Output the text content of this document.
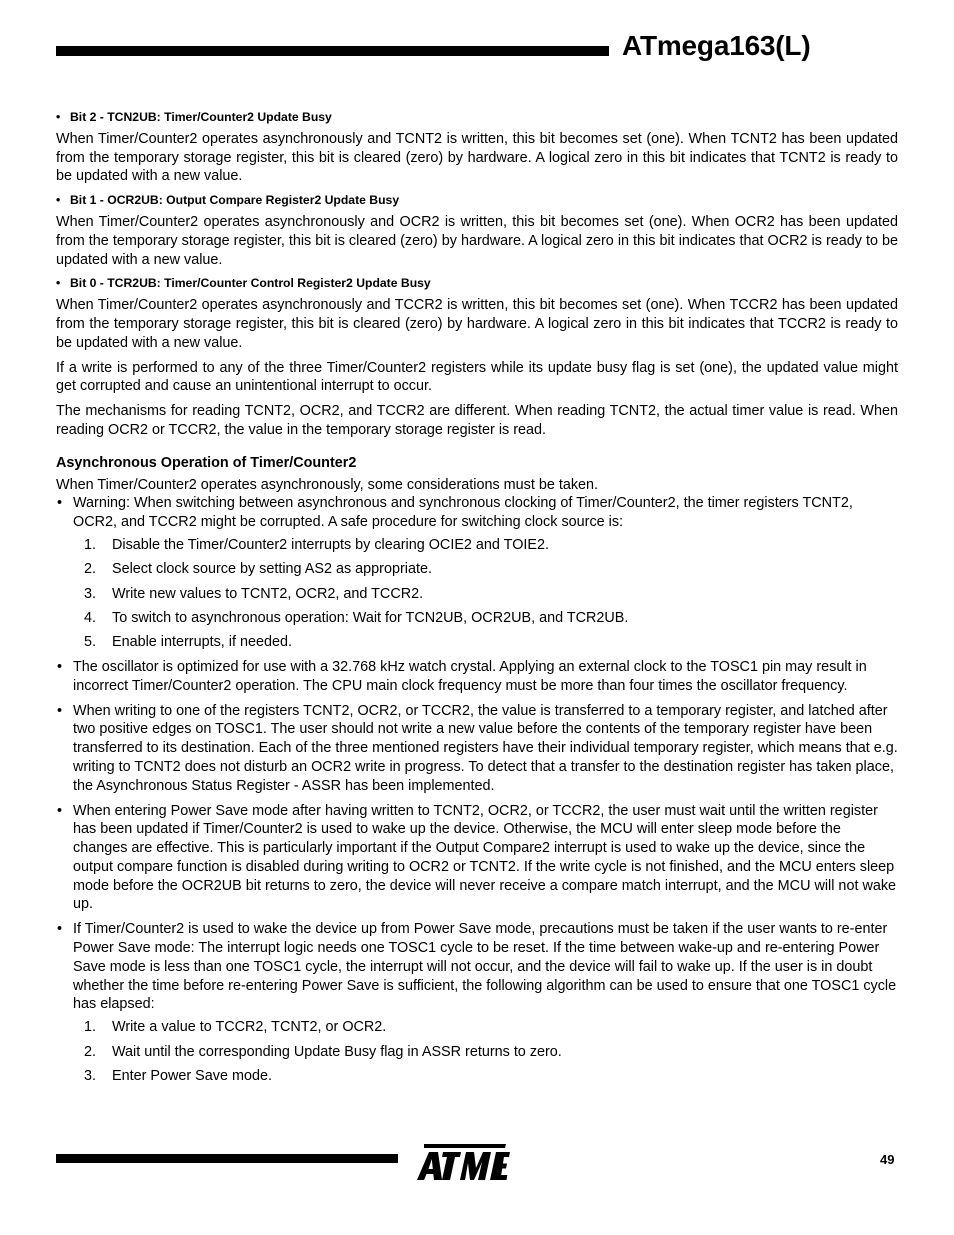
ATmega163(L)
• Bit 2 - TCN2UB: Timer/Counter2 Update Busy

When Timer/Counter2 operates asynchronously and TCNT2 is written, this bit becomes set (one). When TCNT2 has been updated from the temporary storage register, this bit is cleared (zero) by hardware. A logical zero in this bit indicates that TCNT2 is ready to be updated with a new value.

• Bit 1 - OCR2UB: Output Compare Register2 Update Busy

When Timer/Counter2 operates asynchronously and OCR2 is written, this bit becomes set (one). When OCR2 has been updated from the temporary storage register, this bit is cleared (zero) by hardware. A logical zero in this bit indicates that OCR2 is ready to be updated with a new value.

• Bit 0 - TCR2UB: Timer/Counter Control Register2 Update Busy

When Timer/Counter2 operates asynchronously and TCCR2 is written, this bit becomes set (one). When TCCR2 has been updated from the temporary storage register, this bit is cleared (zero) by hardware. A logical zero in this bit indicates that TCCR2 is ready to be updated with a new value.

If a write is performed to any of the three Timer/Counter2 registers while its update busy flag is set (one), the updated value might get corrupted and cause an unintentional interrupt to occur.

The mechanisms for reading TCNT2, OCR2, and TCCR2 are different. When reading TCNT2, the actual timer value is read. When reading OCR2 or TCCR2, the value in the temporary storage register is read.

Asynchronous Operation of Timer/Counter2

When Timer/Counter2 operates asynchronously, some considerations must be taken.

• Warning: When switching between asynchronous and synchronous clocking of Timer/Counter2, the timer registers TCNT2, OCR2, and TCCR2 might be corrupted. A safe procedure for switching clock source is:
1. Disable the Timer/Counter2 interrupts by clearing OCIE2 and TOIE2.
2. Select clock source by setting AS2 as appropriate.
3. Write new values to TCNT2, OCR2, and TCCR2.
4. To switch to asynchronous operation: Wait for TCN2UB, OCR2UB, and TCR2UB.
5. Enable interrupts, if needed.
• The oscillator is optimized for use with a 32.768 kHz watch crystal. Applying an external clock to the TOSC1 pin may result in incorrect Timer/Counter2 operation. The CPU main clock frequency must be more than four times the oscillator frequency.
• When writing to one of the registers TCNT2, OCR2, or TCCR2, the value is transferred to a temporary register, and latched after two positive edges on TOSC1. The user should not write a new value before the contents of the temporary register have been transferred to its destination. Each of the three mentioned registers have their individual temporary register, which means that e.g. writing to TCNT2 does not disturb an OCR2 write in progress. To detect that a transfer to the destination register has taken place, the Asynchronous Status Register - ASSR has been implemented.
• When entering Power Save mode after having written to TCNT2, OCR2, or TCCR2, the user must wait until the written register has been updated if Timer/Counter2 is used to wake up the device. Otherwise, the MCU will enter sleep mode before the changes are effective. This is particularly important if the Output Compare2 interrupt is used to wake up the device, since the output compare function is disabled during writing to OCR2 or TCNT2. If the write cycle is not finished, and the MCU enters sleep mode before the OCR2UB bit returns to zero, the device will never receive a compare match interrupt, and the MCU will not wake up.
• If Timer/Counter2 is used to wake the device up from Power Save mode, precautions must be taken if the user wants to re-enter Power Save mode: The interrupt logic needs one TOSC1 cycle to be reset. If the time between wake-up and re-entering Power Save mode is less than one TOSC1 cycle, the interrupt will not occur, and the device will fail to wake up. If the user is in doubt whether the time before re-entering Power Save is sufficient, the following algorithm can be used to ensure that one TOSC1 cycle has elapsed:
1. Write a value to TCCR2, TCNT2, or OCR2.
2. Wait until the corresponding Update Busy flag in ASSR returns to zero.
3. Enter Power Save mode.
49
